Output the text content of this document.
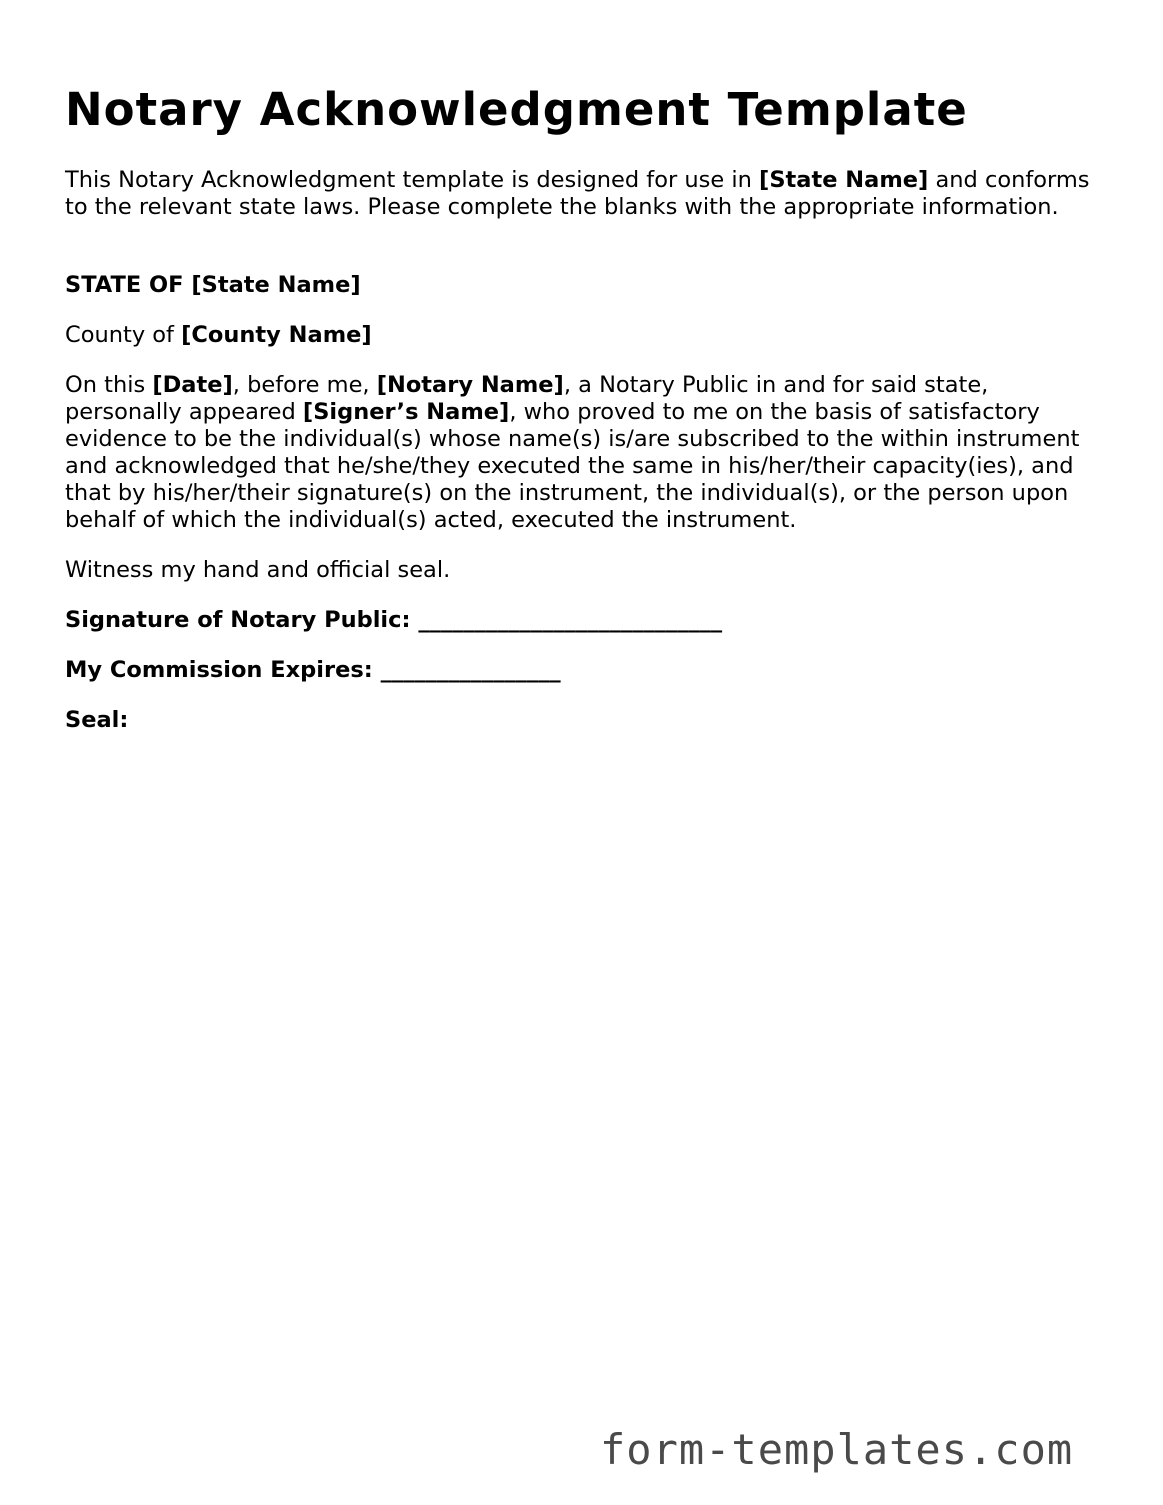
Notary Acknowledgment Template

This Notary Acknowledgment template is designed for use in [State Name] and conforms to the relevant state laws. Please complete the blanks with the appropriate information.

STATE OF [State Name]

County of [County Name]

On this [Date], before me, [Notary Name], a Notary Public in and for said state, personally appeared [Signer’s Name], who proved to me on the basis of satisfactory evidence to be the individual(s) whose name(s) is/are subscribed to the within instrument and acknowledged that he/she/they executed the same in his/her/their capacity(ies), and that by his/her/their signature(s) on the instrument, the individual(s), or the person upon behalf of which the individual(s) acted, executed the instrument.

Witness my hand and official seal.

Signature of Notary Public: ___________________________

My Commission Expires: ________________

Seal:

form-templates.com
